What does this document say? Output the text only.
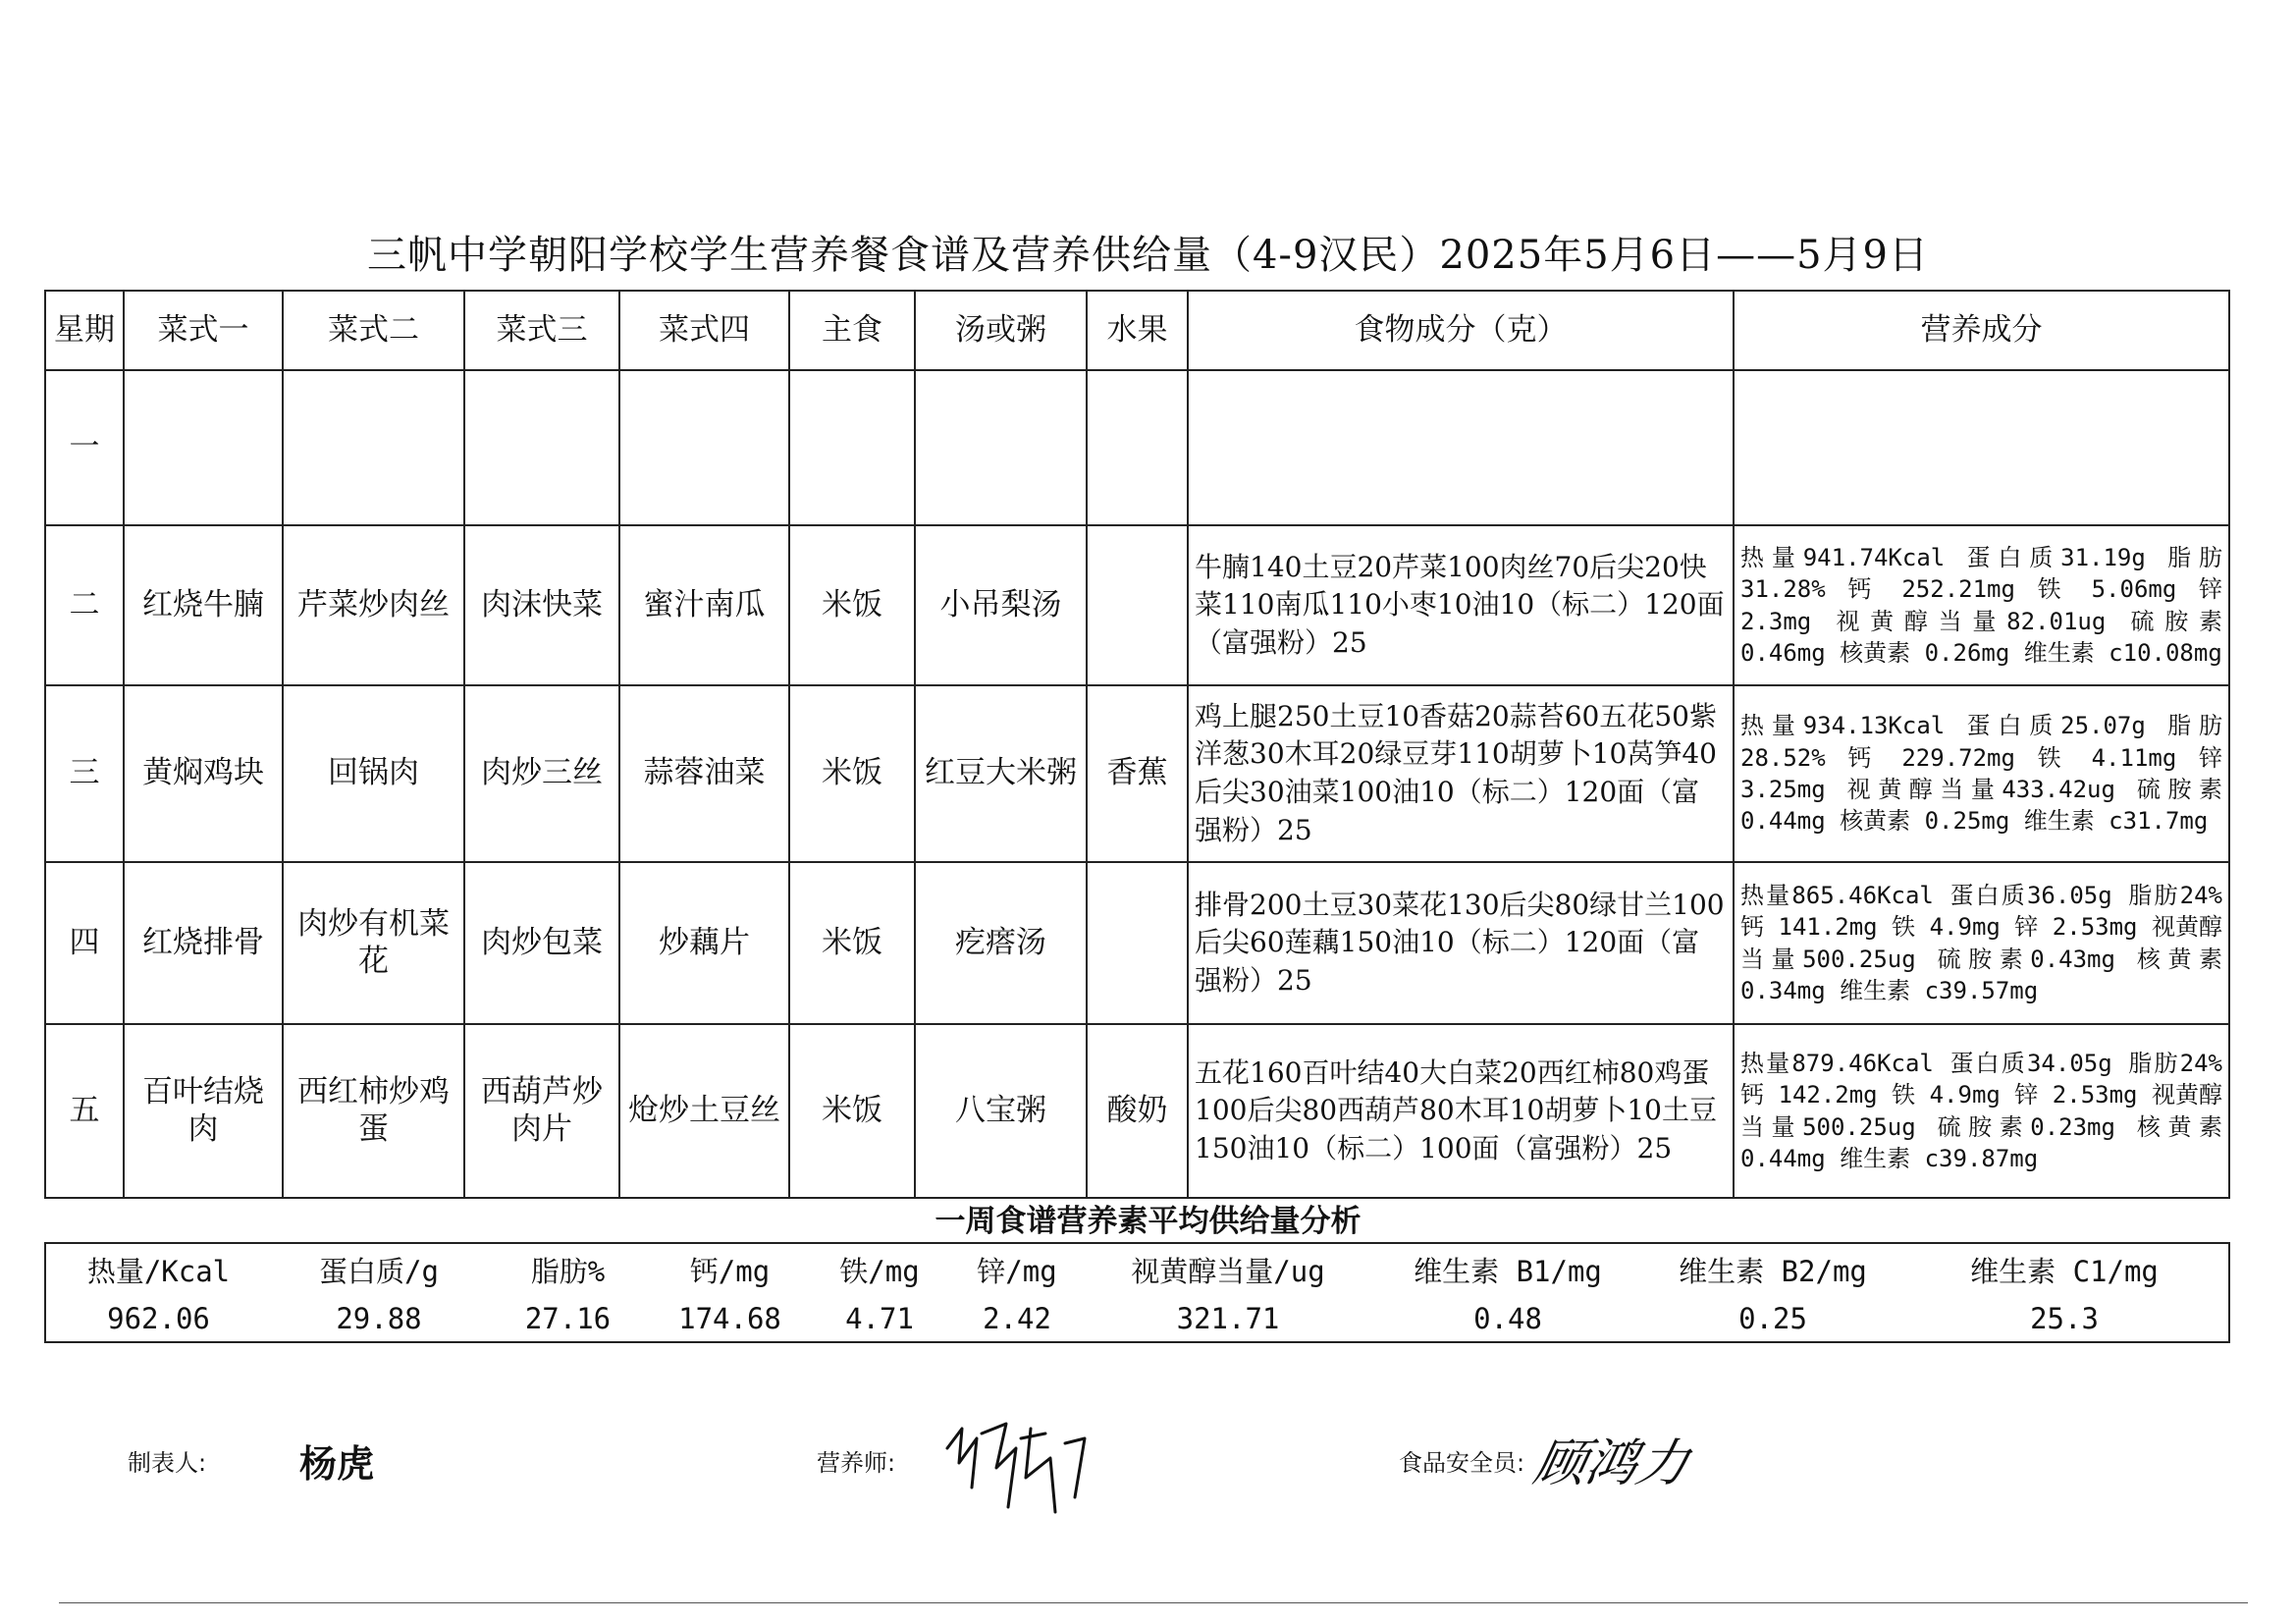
三帆中学朝阳学校学生营养餐食谱及营养供给量（4-9汉民）2025年5月6日——5月9日
星期	菜式一	菜式二	菜式三	菜式四	主食	汤或粥	水果	食物成分（克）	营养成分
一									
二	红烧牛腩	芹菜炒肉丝	肉沫快菜	蜜汁南瓜	米饭	小吊梨汤		牛腩140土豆20芹菜100肉丝70后尖20快菜110南瓜110小枣10油10（标二）120面（富强粉）25	热量941.74Kcal 蛋白质31.19g 脂肪31.28% 钙 252.21mg 铁 5.06mg 锌 2.3mg 视黄醇当量82.01ug 硫胺素 0.46mg 核黄素 0.26mg 维生素 c10.08mg
三	黄焖鸡块	回锅肉	肉炒三丝	蒜蓉油菜	米饭	红豆大米粥	香蕉	鸡上腿250土豆10香菇20蒜苔60五花50紫洋葱30木耳20绿豆芽110胡萝卜10莴笋40后尖30油菜100油10（标二）120面（富强粉）25	热量934.13Kcal 蛋白质25.07g 脂肪28.52% 钙 229.72mg 铁 4.11mg 锌 3.25mg 视黄醇当量433.42ug 硫胺素 0.44mg 核黄素 0.25mg 维生素 c31.7mg
四	红烧排骨	肉炒有机菜花	肉炒包菜	炒藕片	米饭	疙瘩汤		排骨200土豆30菜花130后尖80绿甘兰100后尖60莲藕150油10（标二）120面（富强粉）25	热量865.46Kcal 蛋白质36.05g 脂肪24%钙 141.2mg 铁 4.9mg 锌 2.53mg 视黄醇当量500.25ug 硫胺素0.43mg 核黄素0.34mg 维生素 c39.57mg
五	百叶结烧肉	西红柿炒鸡蛋	西葫芦炒肉片	炝炒土豆丝	米饭	八宝粥	酸奶	五花160百叶结40大白菜20西红柿80鸡蛋100后尖80西葫芦80木耳10胡萝卜10土豆150油10（标二）100面（富强粉）25	热量879.46Kcal 蛋白质34.05g 脂肪24%钙 142.2mg 铁 4.9mg 锌 2.53mg 视黄醇当量500.25ug 硫胺素0.23mg 核黄素0.44mg 维生素 c39.87mg
一周食谱营养素平均供给量分析
热量/Kcal	蛋白质/g	脂肪%	钙/mg	铁/mg	锌/mg	视黄醇当量/ug	维生素 B1/mg	维生素 B2/mg	维生素 C1/mg
962.06	29.88	27.16	174.68	4.71	2.42	321.71	0.48	0.25	25.3
制表人: 杨虎	营养师:	食品安全员: 顾鸿力
